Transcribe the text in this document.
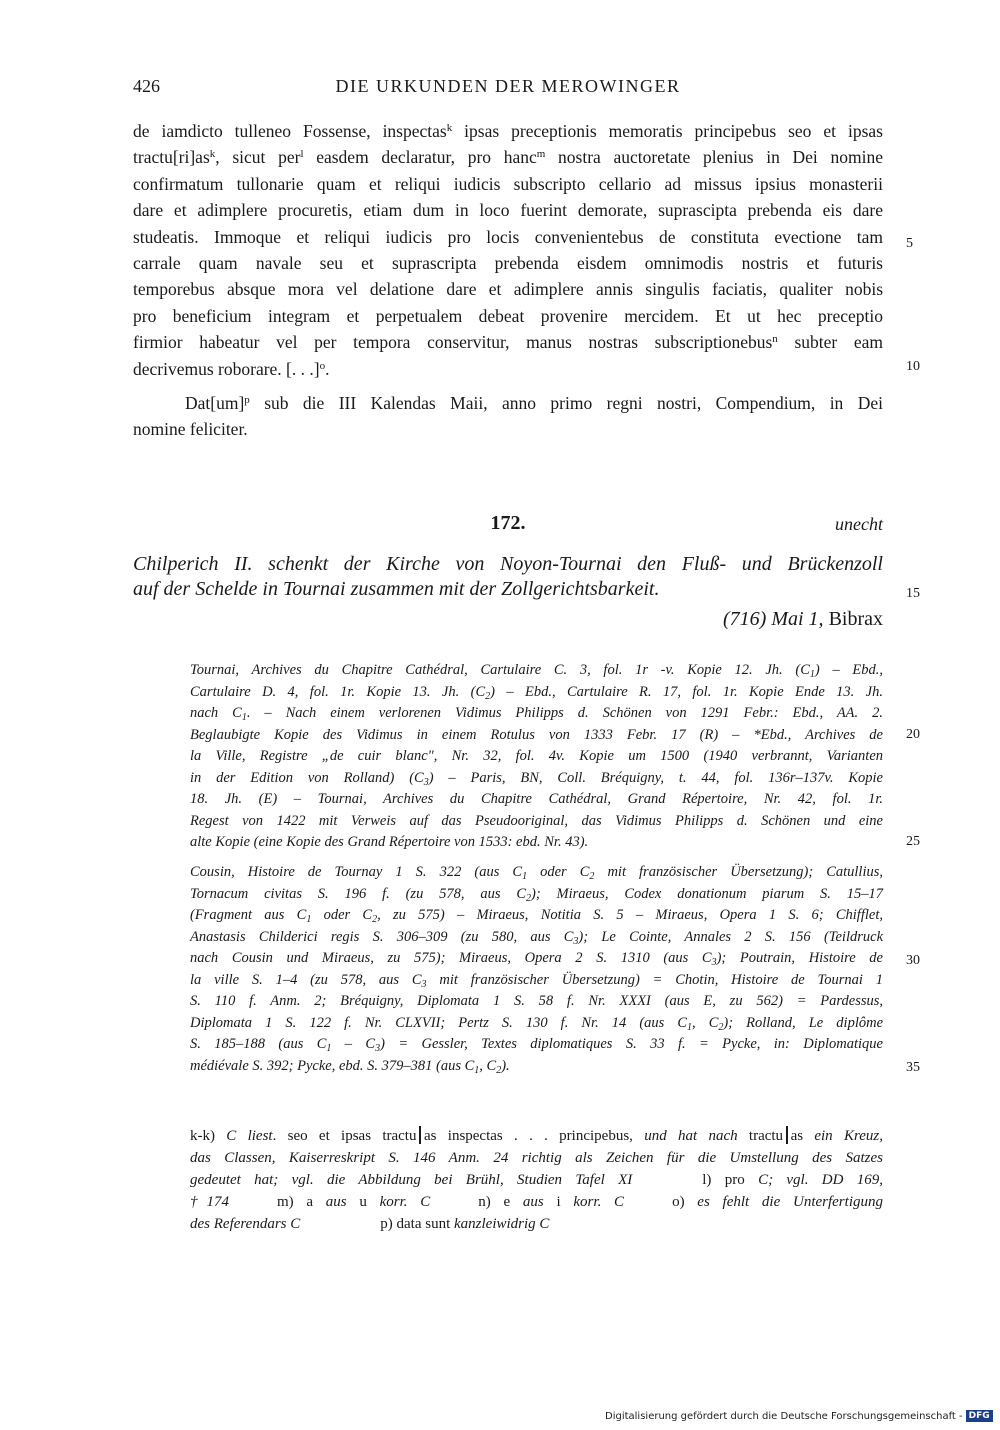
426	DIE URKUNDEN DER MEROWINGER
de iamdicto tulleneo Fossense, inspectas$^k$ ipsas preceptionis memoratis principebus seo et ipsas
$tractu[ri]as^k$, sicut per$^l$ easdem declaratur, pro hanc$^m$ nostra auctoretate plenius in Dei nomine
confirmatum tullonarie quam et reliqui iudicis subscripto cellario ad missus ipsius monasterii
dare et adimplere procuretis, etiam dum in loco fuerint demorate, suprascipta prebenda eis dare
studeatis. Immoque et reliqui iudicis pro locis convenientebus de constituta evectione tam
carrale quam navale seu et suprascripta prebenda eisdem omnimodis nostris et futuris
temporebus absque mora vel delatione dare et adimplere annis singulis faciatis, qualiter nobis
pro beneficium integram et perpetualem debeat provenire mercidem. Et ut hec preceptio
firmior habeatur vel per tempora conservitur, manus nostras subscriptionebus$^n$ subter eam
decrivemus roborare. [. . .]$^o$.
Dat[um]$^p$ sub die III Kalendas Maii, anno primo regni nostri, Compendium, in Dei
nomine feliciter.
5
10
15
20
25
30
35
172.	unecht
Chilperich II. schenkt der Kirche von Noyon-Tournai den Fluß- und Brückenzoll
auf der Schelde in Tournai zusammen mit der Zollgerichtsbarkeit.
(716) Mai 1, Bibrax
Tournai, Archives du Chapitre Cathédral, Cartulaire C. 3, fol. 1r -v. Kopie 12. Jh. $(C_1)$ – Ebd.,
Cartulaire D. 4, fol. 1r. Kopie 13. Jh. $(C_2)$ – Ebd., Cartulaire R. 17, fol. 1r. Kopie Ende 13. Jh.
nach $C_1$. – Nach einem verlorenen Vidimus Philipps d. Schönen von 1291 Febr.: Ebd., AA. 2.
Beglaubigte Kopie des Vidimus in einem Rotulus von 1333 Febr. 17 (R) – *Ebd., Archives de
la Ville, Registre „de cuir blanc", Nr. 32, fol. 4v. Kopie um 1500 (1940 verbrannt, Varianten
in der Edition von Rolland) $(C_3)$ – Paris, BN, Coll. Bréquigny, t. 44, fol. 136r–137v. Kopie
18. Jh. (E) – Tournai, Archives du Chapitre Cathédral, Grand Répertoire, Nr. 42, fol. 1r.
Regest von 1422 mit Verweis auf das Pseudooriginal, das Vidimus Philipps d. Schönen und eine
alte Kopie (eine Kopie des Grand Répertoire von 1533: ebd. Nr. 43).
Cousin, Histoire de Tournay 1 S. 322 (aus $C_1$ oder $C_2$ mit französischer Übersetzung); Catullius,
Tornacum civitas S. 196 f. (zu 578, aus $C_2$); Miraeus, Codex donationum piarum S. 15–17
(Fragment aus $C_1$ oder $C_2$, zu 575) – Miraeus, Notitia S. 5 – Miraeus, Opera 1 S. 6; Chifflet,
Anastasis Childerici regis S. 306–309 (zu 580, aus $C_3$); Le Cointe, Annales 2 S. 156 (Teildruck
nach Cousin und Miraeus, zu 575); Miraeus, Opera 2 S. 1310 (aus $C_3$); Poutrain, Histoire de
la ville S. 1–4 (zu 578, aus $C_3$ mit französischer Übersetzung) = Chotin, Histoire de Tournai 1
S. 110 f. Anm. 2; Bréquigny, Diplomata 1 S. 58 f. Nr. XXXI (aus E, zu 562) = Pardessus,
Diplomata 1 S. 122 f. Nr. CLXVII; Pertz S. 130 f. Nr. 14 (aus $C_1$, $C_2$); Rolland, Le diplôme
S. 185–188 (aus $C_1 - C_3$) = Gessler, Textes diplomatiques S. 33 f. = Pycke, in: Diplomatique
médiévale S. 392; Pycke, ebd. S. 379–381 (aus $C_1$, $C_2$).
k-k) C liest. seo et ipsas tractu as inspectas . . . principebus, und hat nach tractu as ein Kreuz,
das Classen, Kaiserreskript S. 146 Anm. 24 richtig als Zeichen für die Umstellung des Satzes
gedeutet hat; vgl. die Abbildung bei Brühl, Studien Tafel XI	l) pro C; vgl. DD 169,
†174	m) a aus u korr. C	n) e aus i korr. C	o) es fehlt die Unterfertigung
des Referendars C	p) data sunt kanzleiwidrig C
Digitalisierung gefördert durch die Deutsche Forschungsgemeinschaft - DFG
